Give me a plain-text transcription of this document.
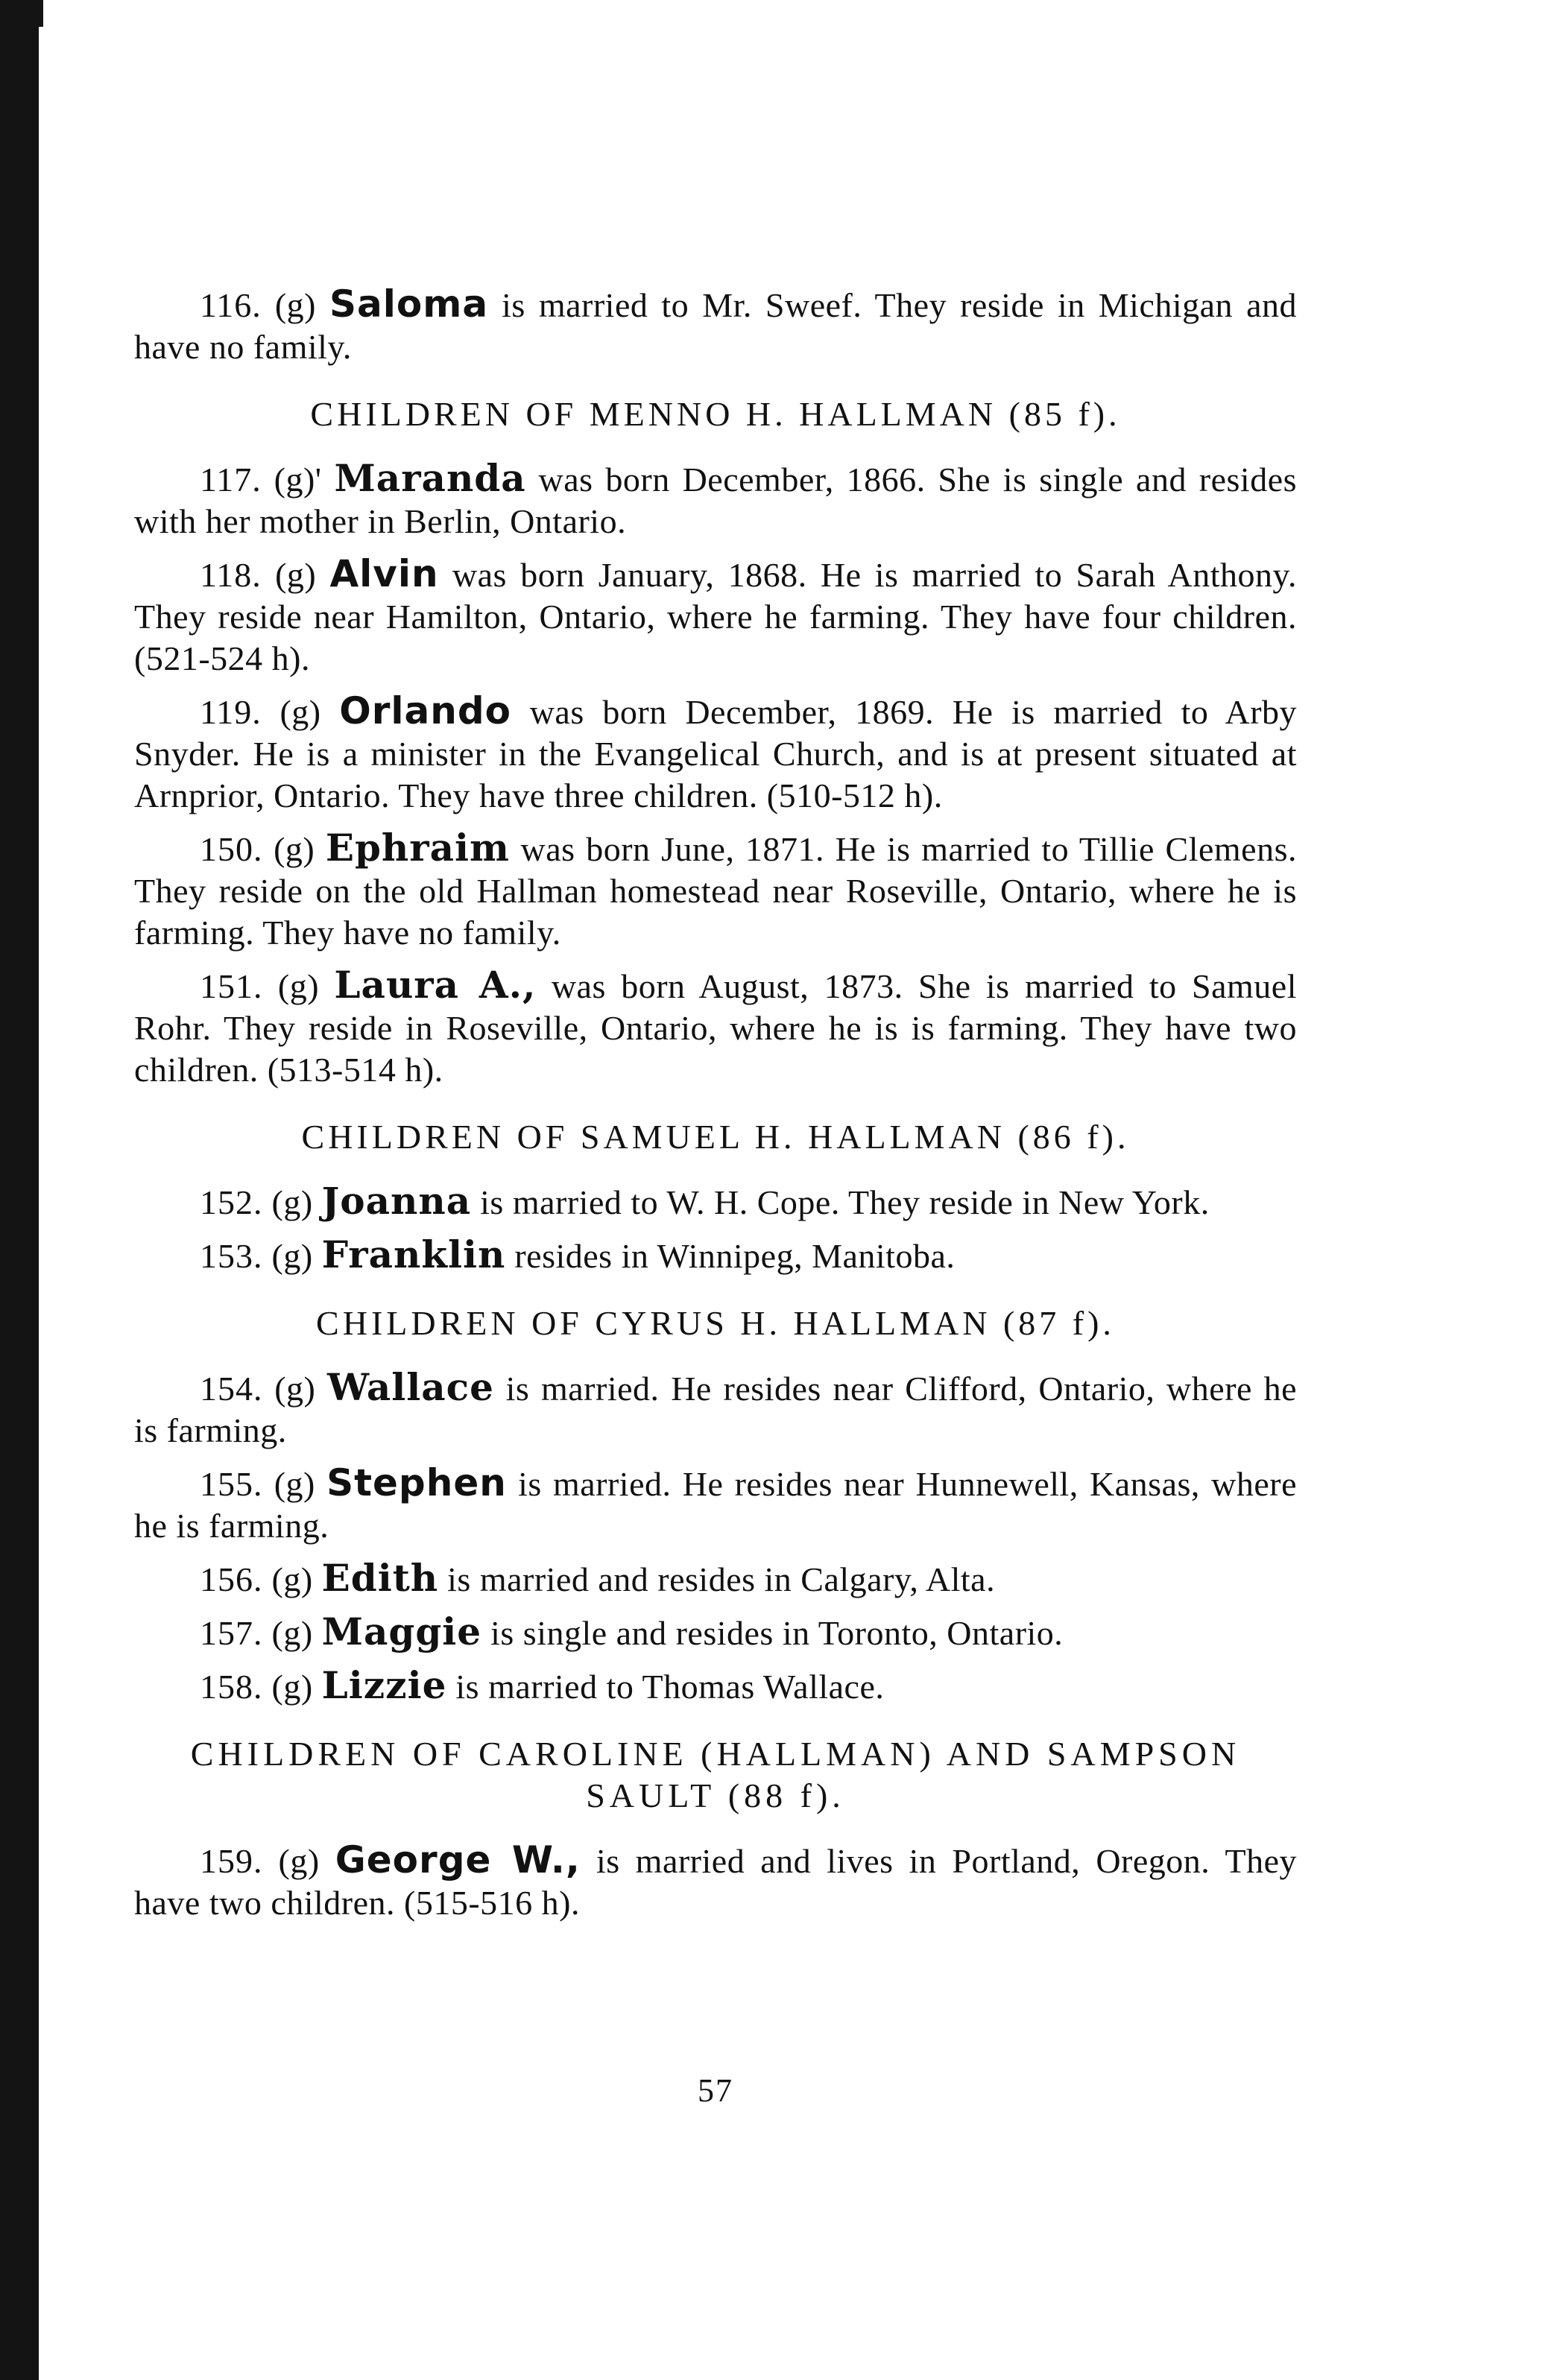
116. (g) Saloma is married to Mr. Sweef. They reside in Michigan and have no family.

CHILDREN OF MENNO H. HALLMAN (85 f).

117. (g)' Maranda was born December, 1866. She is single and resides with her mother in Berlin, Ontario.

118. (g) Alvin was born January, 1868. He is married to Sarah Anthony. They reside near Hamilton, Ontario, where he farming. They have four children. (521-524 h).

119. (g) Orlando was born December, 1869. He is married to Arby Snyder. He is a minister in the Evangelical Church, and is at present situated at Arnprior, Ontario. They have three children. (510-512 h).

150. (g) Ephraim was born June, 1871. He is married to Tillie Clemens. They reside on the old Hallman homestead near Roseville, Ontario, where he is farming. They have no family.

151. (g) Laura A., was born August, 1873. She is married to Samuel Rohr. They reside in Roseville, Ontario, where he is is farming. They have two children. (513-514 h).

CHILDREN OF SAMUEL H. HALLMAN (86 f).

152. (g) Joanna is married to W. H. Cope. They reside in New York.

153. (g) Franklin resides in Winnipeg, Manitoba.

CHILDREN OF CYRUS H. HALLMAN (87 f).

154. (g) Wallace is married. He resides near Clifford, Ontario, where he is farming.

155. (g) Stephen is married. He resides near Hunnewell, Kansas, where he is farming.

156. (g) Edith is married and resides in Calgary, Alta.

157. (g) Maggie is single and resides in Toronto, Ontario.

158. (g) Lizzie is married to Thomas Wallace.

CHILDREN OF CAROLINE (HALLMAN) AND SAMPSON SAULT (88 f).

159. (g) George W., is married and lives in Portland, Oregon. They have two children. (515-516 h).

57
